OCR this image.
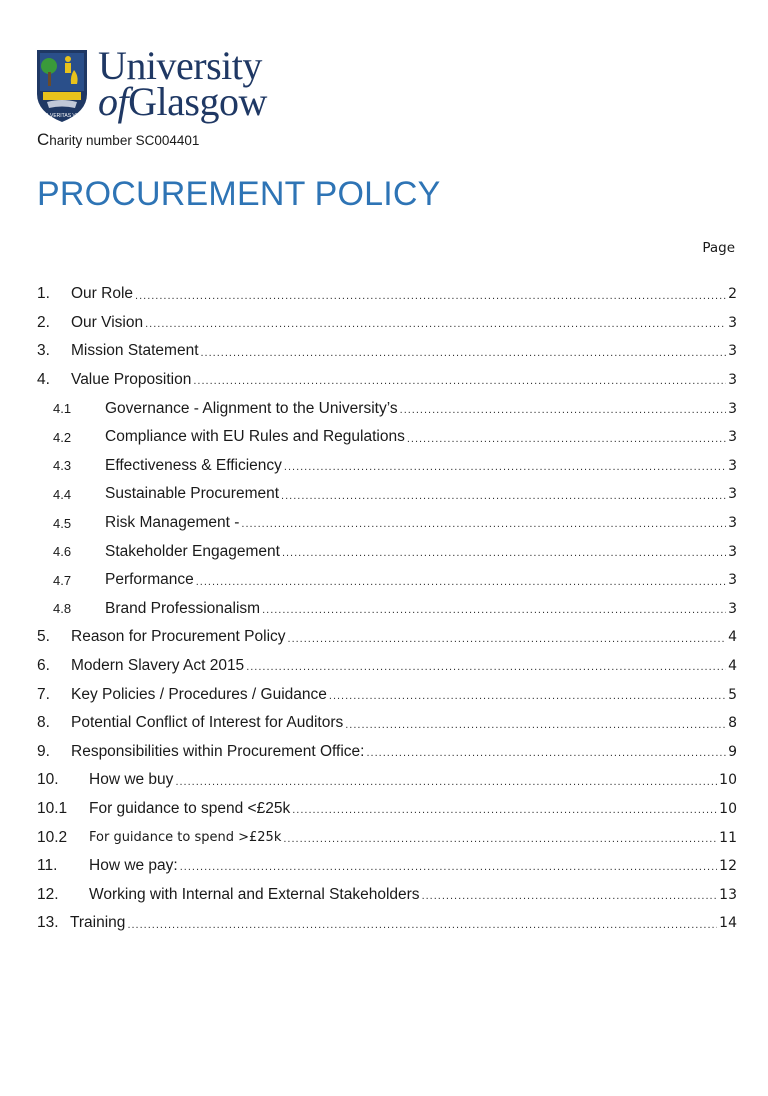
VIA VERITAS VITA
University
ofGlasgow
Charity number SC004401
PROCUREMENT POLICY
Page
1.	Our Role .....	2
2.	Our Vision .....	3
3.	Mission Statement .....	3
4.	Value Proposition .....	3
4.1	Governance - Alignment to the University’s .....	3
4.2	Compliance with EU Rules and Regulations .....	3
4.3	Effectiveness & Efficiency .....	3
4.4	Sustainable Procurement .....	3
4.5	Risk Management - .....	3
4.6	Stakeholder Engagement .....	3
4.7	Performance .....	3
4.8	Brand Professionalism .....	3
5.	Reason for Procurement Policy .....	4
6.	Modern Slavery Act 2015 .....	4
7.	Key Policies / Procedures / Guidance .....	5
8.	Potential Conflict of Interest for Auditors .....	8
9.	Responsibilities within Procurement Office: .....	9
10.	How we buy .....	10
10.1	For guidance to spend <£25k .....	10
10.2	For guidance to spend >£25k .....	11
11.	How we pay: .....	12
12.	Working with Internal and External Stakeholders .....	13
13. Training .....	14
